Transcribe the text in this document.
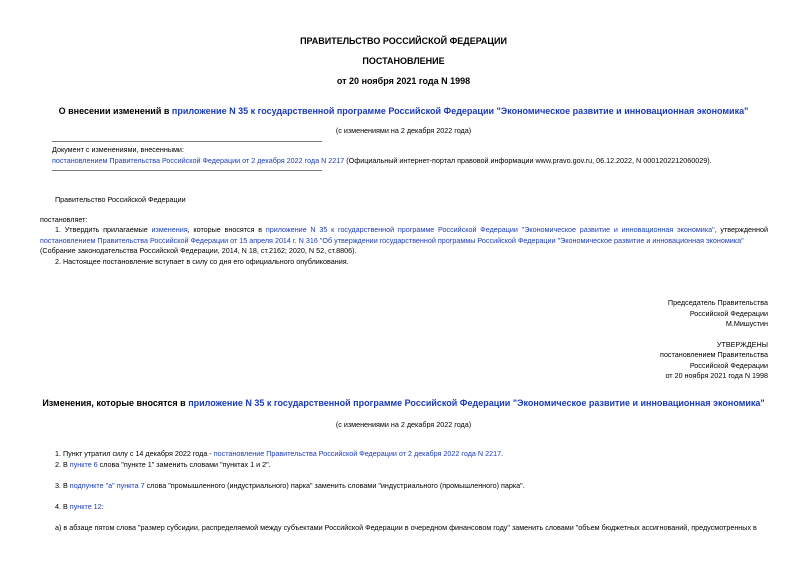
ПРАВИТЕЛЬСТВО РОССИЙСКОЙ ФЕДЕРАЦИИ
ПОСТАНОВЛЕНИЕ
от 20 ноября 2021 года N 1998
О внесении изменений в приложение N 35 к государственной программе Российской Федерации "Экономическое развитие и инновационная экономика"
(с изменениями на 2 декабря 2022 года)
Документ с изменениями, внесенными:
постановлением Правительства Российской Федерации от 2 декабря 2022 года N 2217 (Официальный интернет-портал правовой информации www.pravo.gov.ru, 06.12.2022, N 0001202212060029).
Правительство Российской Федерации
постановляет:
1. Утвердить прилагаемые изменения, которые вносятся в приложение N 35 к государственной программе Российской Федерации "Экономическое развитие и инновационная экономика", утвержденной
постановлением Правительства Российской Федерации от 15 апреля 2014 г. N 316 "Об утверждении государственной программы Российской Федерации "Экономическое развитие и инновационная экономика"
(Собрание законодательства Российской Федерации, 2014, N 18, ст.2162; 2020, N 52, ст.8806).
2. Настоящее постановление вступает в силу со дня его официального опубликования.
Председатель Правительства
Российской Федерации
М.Мишустин
УТВЕРЖДЕНЫ
постановлением Правительства
Российской Федерации
от 20 ноября 2021 года N 1998
Изменения, которые вносятся в приложение N 35 к государственной программе Российской Федерации "Экономическое развитие и инновационная экономика"
(с изменениями на 2 декабря 2022 года)
1. Пункт утратил силу с 14 декабря 2022 года - постановление Правительства Российской Федерации от 2 декабря 2022 года N 2217.
2. В пункте 6 слова "пункте 1" заменить словами "пунктах 1 и 2".
3. В подпункте "а" пункта 7 слова "промышленного (индустриального) парка" заменить словами "индустриального (промышленного) парка".
4. В пункте 12:
а) в абзаце пятом слова "размер субсидии, распределяемой между субъектами Российской Федерации в очередном финансовом году" заменить словами "объем бюджетных ассигнований, предусмотренных в
